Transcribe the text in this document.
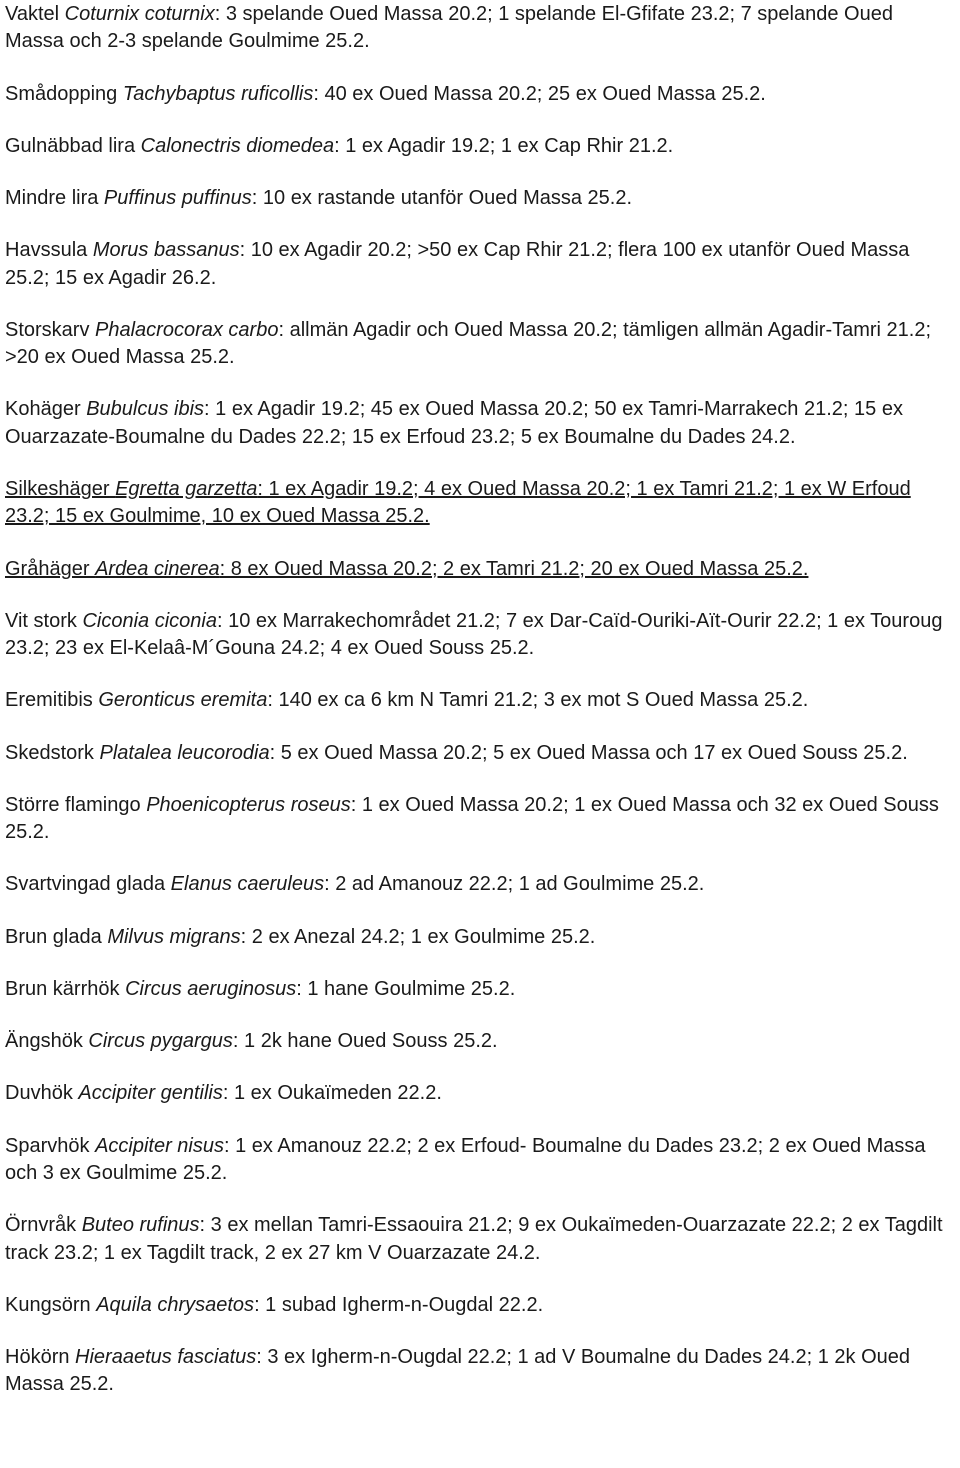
Vaktel Coturnix coturnix: 3 spelande Oued Massa 20.2; 1 spelande El-Gfifate 23.2; 7 spelande Oued Massa och 2-3 spelande Goulmime 25.2.

Smådopping Tachybaptus ruficollis: 40 ex Oued Massa 20.2; 25 ex Oued Massa 25.2.

Gulnäbbad lira Calonectris diomedea: 1 ex Agadir 19.2; 1 ex Cap Rhir 21.2.

Mindre lira Puffinus puffinus: 10 ex rastande utanför Oued Massa 25.2.

Havssula Morus bassanus: 10 ex Agadir 20.2; >50 ex Cap Rhir 21.2; flera 100 ex utanför Oued Massa 25.2; 15 ex Agadir 26.2.

Storskarv Phalacrocorax carbo: allmän Agadir och Oued Massa 20.2; tämligen allmän Agadir-Tamri 21.2; >20 ex Oued Massa 25.2.

Kohäger Bubulcus ibis: 1 ex Agadir 19.2; 45 ex Oued Massa 20.2; 50 ex Tamri-Marrakech 21.2; 15 ex Ouarzazate-Boumalne du Dades 22.2; 15 ex Erfoud 23.2; 5 ex Boumalne du Dades 24.2.

Silkeshäger Egretta garzetta: 1 ex Agadir 19.2; 4 ex Oued Massa 20.2; 1 ex Tamri 21.2; 1 ex W Erfoud 23.2; 15 ex Goulmime, 10 ex Oued Massa 25.2.

Gråhäger Ardea cinerea: 8 ex Oued Massa 20.2; 2 ex Tamri 21.2; 20 ex Oued Massa 25.2.

Vit stork Ciconia ciconia: 10 ex Marrakechområdet 21.2; 7 ex Dar-Caïd-Ouriki-Aït-Ourir 22.2; 1 ex Touroug 23.2; 23 ex El-Kelaâ-M´Gouna 24.2; 4 ex Oued Souss 25.2.

Eremitibis Geronticus eremita: 140 ex ca 6 km N Tamri 21.2; 3 ex mot S Oued Massa 25.2.

Skedstork Platalea leucorodia: 5 ex Oued Massa 20.2; 5 ex Oued Massa och 17 ex Oued Souss 25.2.

Större flamingo Phoenicopterus roseus: 1 ex Oued Massa 20.2; 1 ex Oued Massa och 32 ex Oued Souss 25.2.

Svartvingad glada Elanus caeruleus: 2 ad Amanouz 22.2; 1 ad Goulmime 25.2.

Brun glada Milvus migrans: 2 ex Anezal 24.2; 1 ex Goulmime 25.2.

Brun kärrhök Circus aeruginosus: 1 hane Goulmime 25.2.

Ängshök Circus pygargus: 1 2k hane Oued Souss 25.2.

Duvhök Accipiter gentilis: 1 ex Oukaïmeden 22.2.

Sparvhök Accipiter nisus: 1 ex Amanouz 22.2; 2 ex Erfoud- Boumalne du Dades 23.2; 2 ex Oued Massa och 3 ex Goulmime 25.2.

Örnvråk Buteo rufinus: 3 ex mellan Tamri-Essaouira 21.2; 9 ex Oukaïmeden-Ouarzazate 22.2; 2 ex Tagdilt track 23.2; 1 ex Tagdilt track, 2 ex 27 km V Ouarzazate 24.2.

Kungsörn Aquila chrysaetos: 1 subad Igherm-n-Ougdal 22.2.

Hökörn Hieraaetus fasciatus: 3 ex Igherm-n-Ougdal 22.2; 1 ad V Boumalne du Dades 24.2; 1 2k Oued Massa 25.2.
